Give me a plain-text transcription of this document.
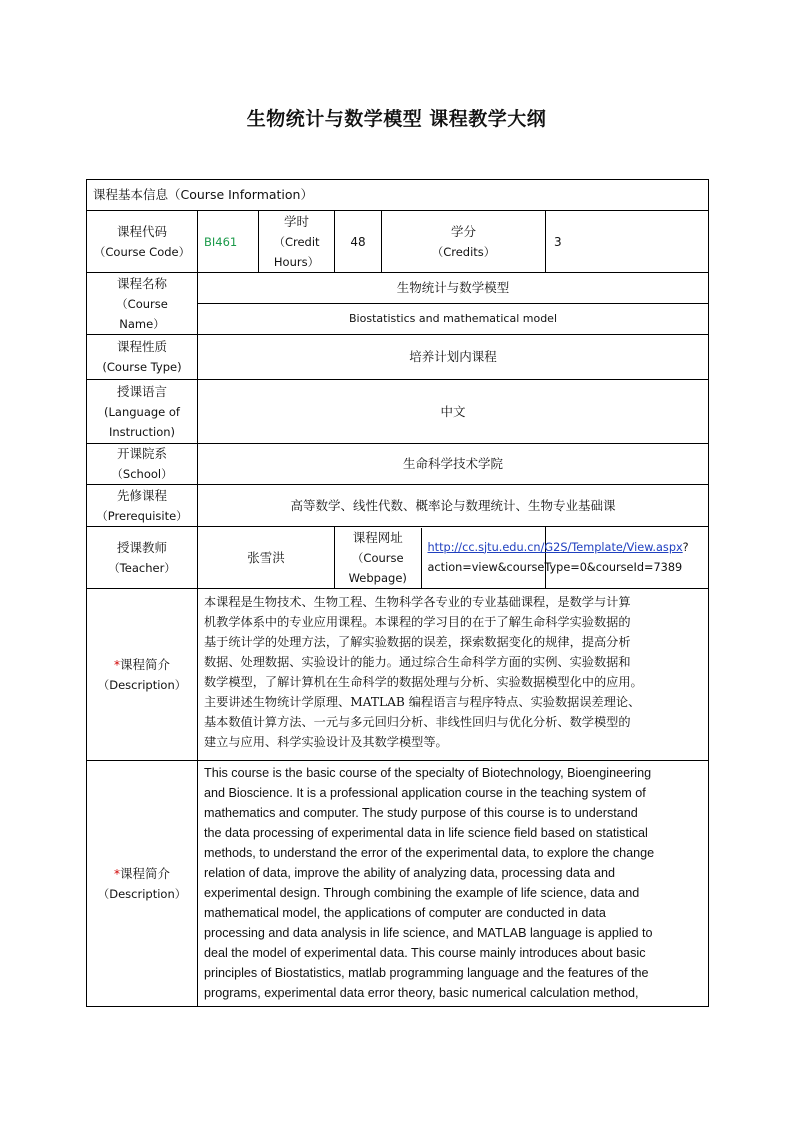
生物统计与数学模型 课程教学大纲
课程基本信息（Course Information）

课程代码
（Course Code）
	BI461	
学时
（Credit
Hours）
	48	
学分
（Credits）
	3

课程名称
（Course
Name）
	生物统计与数学模型
Biostatistics and mathematical model

课程性质
(Course Type)
	培养计划内课程

授课语言
(Language of
Instruction)
	中文

开课院系
（School）
	生命科学技术学院

先修课程
（Prerequisite）
	高等数学、线性代数、概率论与数理统计、生物专业基础课

授课教师
（Teacher）
	张雪洪	
课程网址
（Course
Webpage)

http://cc.sjtu.edu.cn/G2S/Template/View.aspx?
action=view&courseType=0&courseId=7389

*课程简介
（Description）

本课程是生物技术、生物工程、生物科学各专业的专业基础课程，是数学与计算
机教学体系中的专业应用课程。本课程的学习目的在于了解生命科学实验数据的
基于统计学的处理方法，了解实验数据的误差，探索数据变化的规律，提高分析
数据、处理数据、实验设计的能力。通过综合生命科学方面的实例、实验数据和
数学模型，了解计算机在生命科学的数据处理与分析、实验数据模型化中的应用。
主要讲述生物统计学原理、MATLAB 编程语言与程序特点、实验数据误差理论、
基本数值计算方法、一元与多元回归分析、非线性回归与优化分析、数学模型的
建立与应用、科学实验设计及其数学模型等。

*课程简介
（Description）

This course is the basic course of the specialty of Biotechnology, Bioengineering
and Bioscience. It is a professional application course in the teaching system of
mathematics and computer. The study purpose of this course is to understand
the data processing of experimental data in life science field based on statistical
methods, to understand the error of the experimental data, to explore the change
relation of data, improve the ability of analyzing data, processing data and
experimental design. Through combining the example of life science, data and
mathematical model, the applications of computer are conducted in data
processing and data analysis in life science, and MATLAB language is applied to
deal the model of experimental data. This course mainly introduces about basic
principles of Biostatistics, matlab programming language and the features of the
programs, experimental data error theory, basic numerical calculation method,
